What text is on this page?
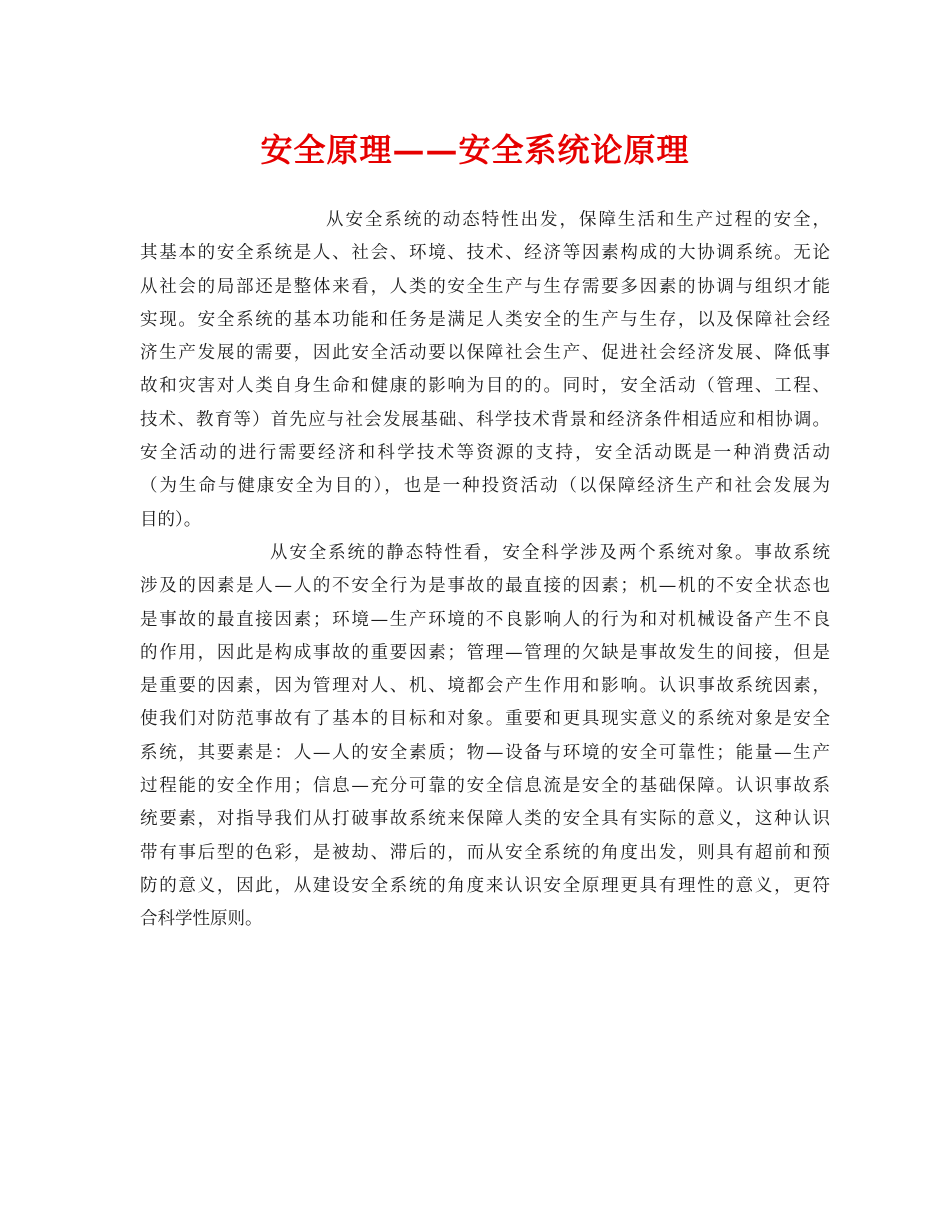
安全原理——安全系统论原理
从安全系统的动态特性出发，保障生活和生产过程的安全，
其基本的安全系统是人、社会、环境、技术、经济等因素构成的大协调系统。无论
从社会的局部还是整体来看，人类的安全生产与生存需要多因素的协调与组织才能
实现。安全系统的基本功能和任务是满足人类安全的生产与生存，以及保障社会经
济生产发展的需要，因此安全活动要以保障社会生产、促进社会经济发展、降低事
故和灾害对人类自身生命和健康的影响为目的的。同时，安全活动（管理、工程、
技术、教育等）首先应与社会发展基础、科学技术背景和经济条件相适应和相协调。
安全活动的进行需要经济和科学技术等资源的支持，安全活动既是一种消费活动
（为生命与健康安全为目的），也是一种投资活动（以保障经济生产和社会发展为
目的）。
从安全系统的静态特性看，安全科学涉及两个系统对象。事故系统
涉及的因素是人—人的不安全行为是事故的最直接的因素；机—机的不安全状态也
是事故的最直接因素；环境—生产环境的不良影响人的行为和对机械设备产生不良
的作用，因此是构成事故的重要因素；管理—管理的欠缺是事故发生的间接，但是
是重要的因素，因为管理对人、机、境都会产生作用和影响。认识事故系统因素，
使我们对防范事故有了基本的目标和对象。重要和更具现实意义的系统对象是安全
系统，其要素是：人—人的安全素质；物—设备与环境的安全可靠性；能量—生产
过程能的安全作用；信息—充分可靠的安全信息流是安全的基础保障。认识事故系
统要素，对指导我们从打破事故系统来保障人类的安全具有实际的意义，这种认识
带有事后型的色彩，是被劫、滞后的，而从安全系统的角度出发，则具有超前和预
防的意义，因此，从建设安全系统的角度来认识安全原理更具有理性的意义，更符
合科学性原则。
